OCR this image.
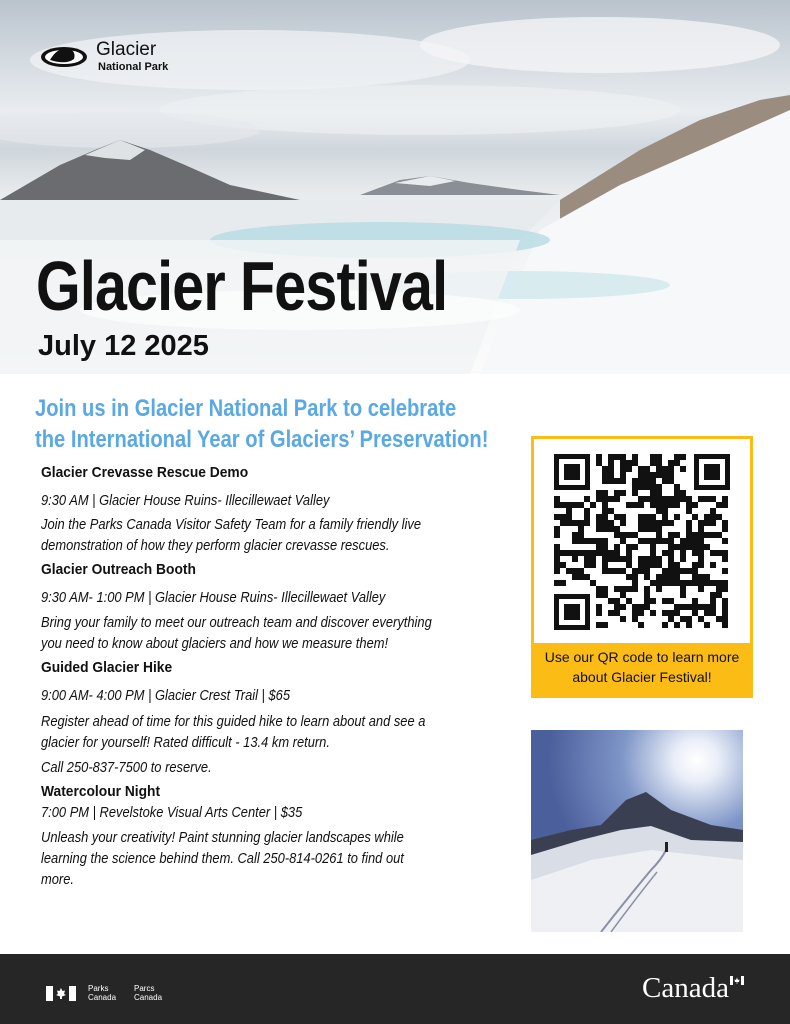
Glacier
National Park
Glacier Festival
July 12 2025
Join us in Glacier National Park to celebrate
the International Year of Glaciers’ Preservation!
Glacier Crevasse Rescue Demo
9:30 AM | Glacier House Ruins- Illecillewaet Valley
Join the Parks Canada Visitor Safety Team for a family friendly live
demonstration of how they perform glacier crevasse rescues.
Glacier Outreach Booth
9:30 AM- 1:00 PM | Glacier House Ruins- Illecillewaet Valley
Bring your family to meet our outreach team and discover everything
you need to know about glaciers and how we measure them!
Guided Glacier Hike
9:00 AM- 4:00 PM | Glacier Crest Trail | $65
Register ahead of time for this guided hike to learn about and see a
glacier for yourself! Rated difficult - 13.4 km return.
Call 250-837-7500 to reserve.
Watercolour Night
7:00 PM | Revelstoke Visual Arts Center | $35
Unleash your creativity! Paint stunning glacier landscapes while
learning the science behind them. Call 250-814-0261 to find out
more.
Use our QR code to learn more
about Glacier Festival!
Parks
Canada
Parcs
Canada	Canada
